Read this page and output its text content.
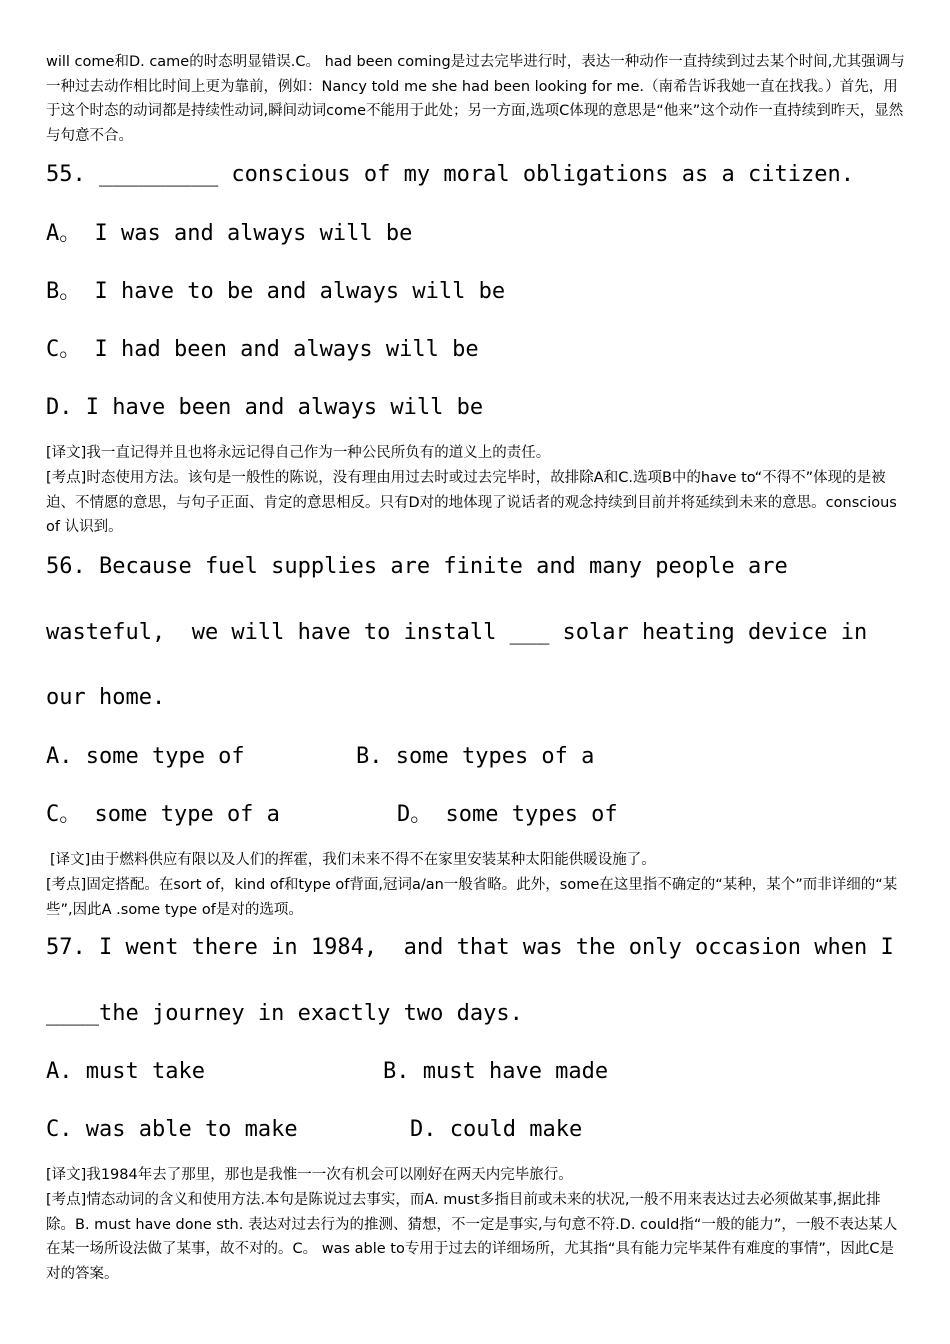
will come和D. came的时态明显错误.C。 had been coming是过去完毕进行时，表达一种动作一直持续到过去某个时间,尤其强调与一种过去动作相比时间上更为靠前，例如：Nancy told me she had been looking for me.（南希告诉我她一直在找我。）首先，用于这个时态的动词都是持续性动词,瞬间动词come不能用于此处；另一方面,选项C体现的意思是“他来”这个动作一直持续到昨天，显然与句意不合。

55. _________ conscious of my moral obligations as a citizen.

A。 I was and always will be

B。 I have to be and always will be

C。 I had been and always will be

D. I have been and always will be

[译文]我一直记得并且也将永远记得自己作为一种公民所负有的道义上的责任。

[考点]时态使用方法。该句是一般性的陈说，没有理由用过去时或过去完毕时，故排除A和C.选项B中的have to“不得不”体现的是被迫、不情愿的意思，与句子正面、肯定的意思相反。只有D对的地体现了说话者的观念持续到目前并将延续到未来的意思。conscious of 认识到。

56. Because fuel supplies are finite and many people are

wasteful,  we will have to install ___ solar heating device in

our home.

A. some type of	B. some types of a

C。 some type of a	D。 some types of

[译文]由于燃料供应有限以及人们的挥霍，我们未来不得不在家里安装某种太阳能供暖设施了。

[考点]固定搭配。在sort of，kind of和type of背面,冠词a/an一般省略。此外，some在这里指不确定的“某种，某个”而非详细的“某些”,因此A .some type of是对的选项。

57. I went there in 1984,  and that was the only occasion when I

____the journey in exactly two days.

A. must take	B. must have made

C. was able to make	D. could make

[译文]我1984年去了那里，那也是我惟一一次有机会可以刚好在两天内完毕旅行。

[考点]情态动词的含义和使用方法.本句是陈说过去事实，而A. must多指目前或未来的状况,一般不用来表达过去必须做某事,据此排除。B. must have done sth. 表达对过去行为的推测、猜想，不一定是事实,与句意不符.D. could指“一般的能力”，一般不表达某人在某一场所设法做了某事，故不对的。C。 was able to专用于过去的详细场所，尤其指“具有能力完毕某件有难度的事情”，因此C是对的答案。
